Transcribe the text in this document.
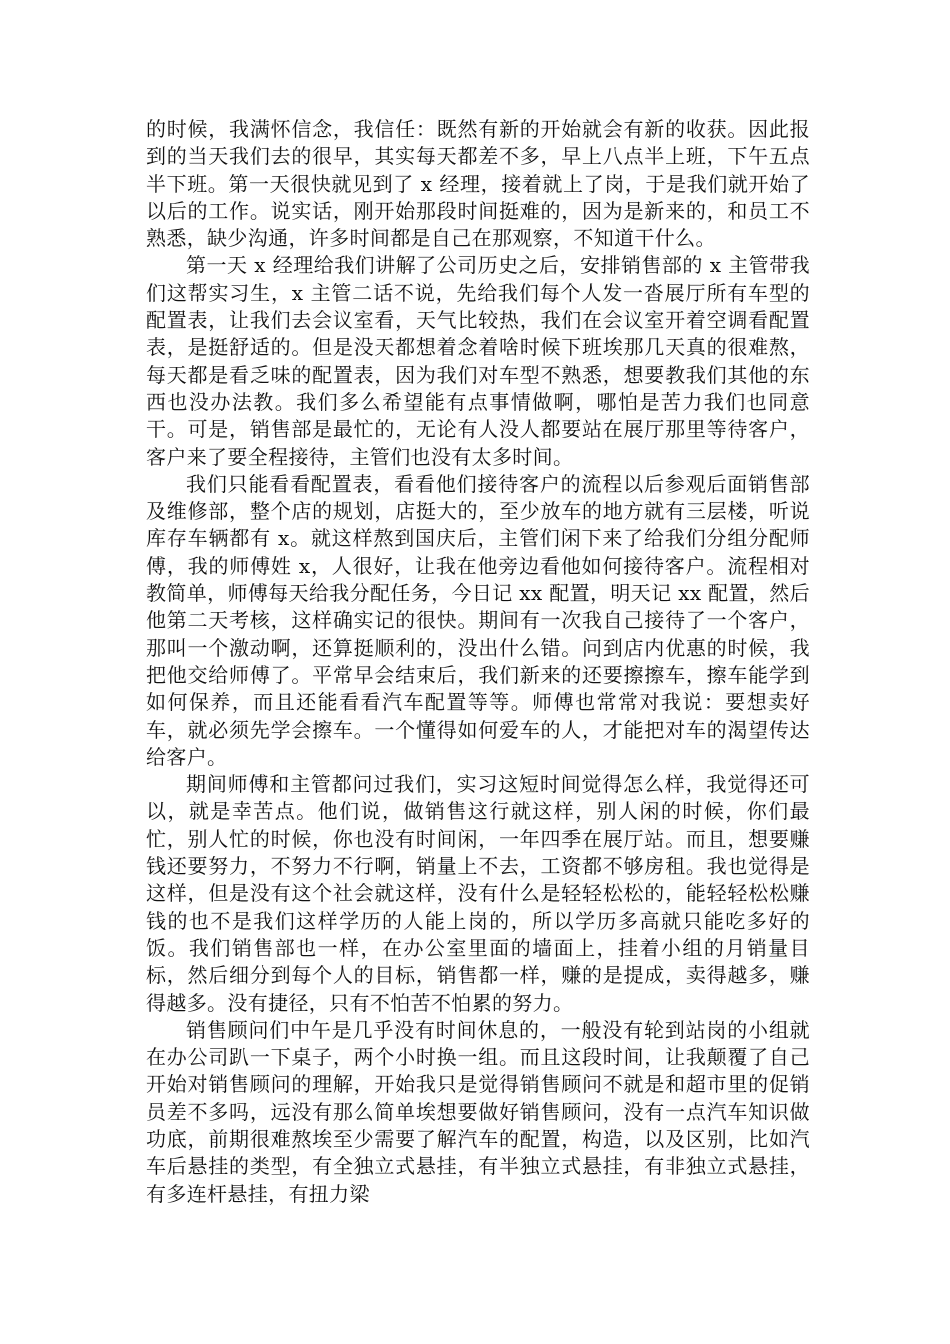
的时候，我满怀信念，我信任：既然有新的开始就会有新的收获。因此报到的当天我们去的很早，其实每天都差不多，早上八点半上班，下午五点半下班。第一天很快就见到了 x 经理，接着就上了岗，于是我们就开始了以后的工作。说实话，刚开始那段时间挺难的，因为是新来的，和员工不熟悉，缺少沟通，许多时间都是自己在那观察，不知道干什么。

第一天 x 经理给我们讲解了公司历史之后，安排销售部的 x 主管带我们这帮实习生，x 主管二话不说，先给我们每个人发一沓展厅所有车型的配置表，让我们去会议室看，天气比较热，我们在会议室开着空调看配置表，是挺舒适的。但是没天都想着念着啥时候下班埃那几天真的很难熬，每天都是看乏味的配置表，因为我们对车型不熟悉，想要教我们其他的东西也没办法教。我们多么希望能有点事情做啊，哪怕是苦力我们也同意干。可是，销售部是最忙的，无论有人没人都要站在展厅那里等待客户，客户来了要全程接待，主管们也没有太多时间。

我们只能看看配置表，看看他们接待客户的流程以后参观后面销售部及维修部，整个店的规划，店挺大的，至少放车的地方就有三层楼，听说库存车辆都有 x。就这样熬到国庆后，主管们闲下来了给我们分组分配师傅，我的师傅姓 x，人很好，让我在他旁边看他如何接待客户。流程相对教简单，师傅每天给我分配任务，今日记 xx 配置，明天记 xx 配置，然后他第二天考核，这样确实记的很快。期间有一次我自己接待了一个客户，那叫一个激动啊，还算挺顺利的，没出什么错。问到店内优惠的时候，我把他交给师傅了。平常早会结束后，我们新来的还要擦擦车，擦车能学到如何保养，而且还能看看汽车配置等等。师傅也常常对我说：要想卖好车，就必须先学会擦车。一个懂得如何爱车的人，才能把对车的渴望传达给客户。

期间师傅和主管都问过我们，实习这短时间觉得怎么样，我觉得还可以，就是幸苦点。他们说，做销售这行就这样，别人闲的时候，你们最忙，别人忙的时候，你也没有时间闲，一年四季在展厅站。而且，想要赚钱还要努力，不努力不行啊，销量上不去，工资都不够房租。我也觉得是这样，但是没有这个社会就这样，没有什么是轻轻松松的，能轻轻松松赚钱的也不是我们这样学历的人能上岗的，所以学历多高就只能吃多好的饭。我们销售部也一样，在办公室里面的墙面上，挂着小组的月销量目标，然后细分到每个人的目标，销售都一样，赚的是提成，卖得越多，赚得越多。没有捷径，只有不怕苦不怕累的努力。

销售顾问们中午是几乎没有时间休息的，一般没有轮到站岗的小组就在办公司趴一下桌子，两个小时换一组。而且这段时间，让我颠覆了自己开始对销售顾问的理解，开始我只是觉得销售顾问不就是和超市里的促销员差不多吗，远没有那么简单埃想要做好销售顾问，没有一点汽车知识做功底，前期很难熬埃至少需要了解汽车的配置，构造，以及区别，比如汽车后悬挂的类型，有全独立式悬挂，有半独立式悬挂，有非独立式悬挂，有多连杆悬挂，有扭力梁
